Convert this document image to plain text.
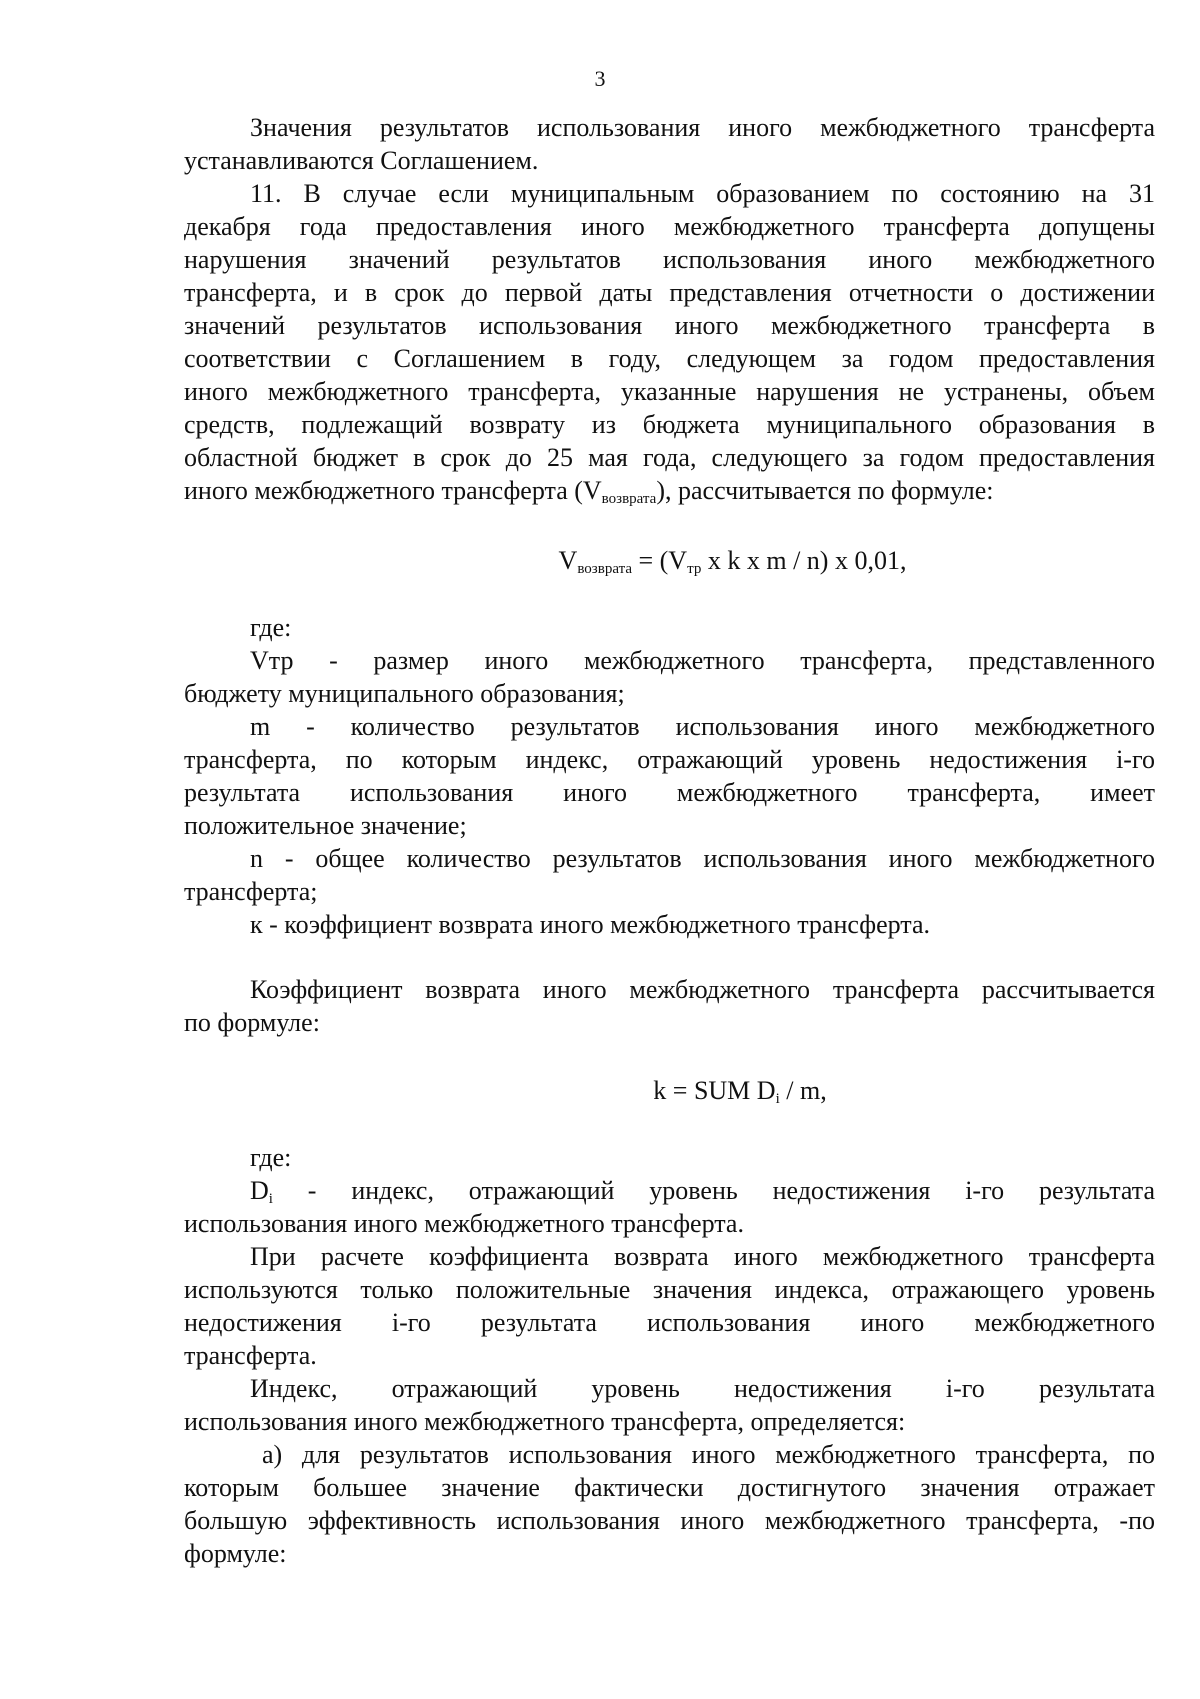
3
Значения результатов использования иного межбюджетного трансферта
устанавливаются Соглашением.
11. В случае если муниципальным образованием по состоянию на 31
декабря года предоставления иного межбюджетного трансферта допущены
нарушения значений результатов использования иного межбюджетного
трансферта, и в срок до первой даты представления отчетности о достижении
значений результатов использования иного межбюджетного трансферта в
соответствии с Соглашением в году, следующем за годом предоставления
иного межбюджетного трансферта, указанные нарушения не устранены, объем
средств, подлежащий возврату из бюджета муниципального образования в
областной бюджет в срок до 25 мая года, следующего за годом предоставления
иного межбюджетного трансферта $(V_{возврата})$, рассчитывается по формуле:
$V_{возврата} = (V_{тр}$ x k x m / n) x 0,01,
где:
Vтр - размер иного межбюджетного трансферта, представленного
бюджету муниципального образования;
m - количество результатов использования иного межбюджетного
трансферта, по которым индекс, отражающий уровень недостижения i-го
результата использования иного межбюджетного трансферта, имеет
положительное значение;
n - общее количество результатов использования иного межбюджетного
трансферта;
к - коэффициент возврата иного межбюджетного трансферта.
Коэффициент возврата иного межбюджетного трансферта рассчитывается
по формуле:
k = SUM $D_i$ / m,
где:
$D_i$ - индекс, отражающий уровень недостижения i-го результата
использования иного межбюджетного трансферта.
При расчете коэффициента возврата иного межбюджетного трансферта
используются только положительные значения индекса, отражающего уровень
недостижения i-го результата использования иного межбюджетного
трансферта.
Индекс, отражающий уровень недостижения i-го результата
использования иного межбюджетного трансферта, определяется:
а) для результатов использования иного межбюджетного трансферта, по
которым большее значение фактически достигнутого значения отражает
большую эффективность использования иного межбюджетного трансферта, -по
формуле:
